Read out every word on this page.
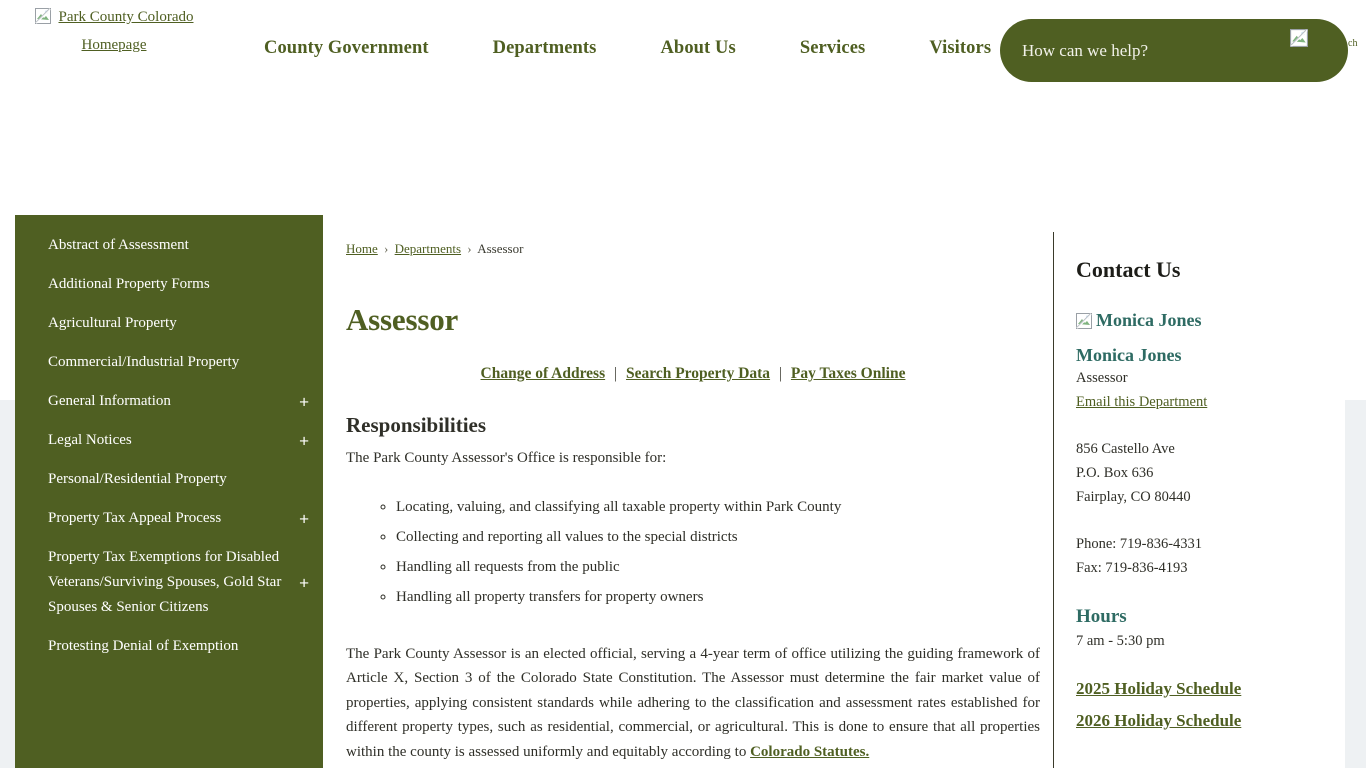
Park County Colorado Homepage	County Government	Departments	About Us	Services	Visitors
How can we help?	ch
Abstract of Assessment
Additional Property Forms
Agricultural Property
Commercial/Industrial Property
General Information	+
Legal Notices	+
Personal/Residential Property
Property Tax Appeal Process	+
Property Tax Exemptions for Disabled Veterans/Surviving Spouses, Gold Star Spouses & Senior Citizens
+
Protesting Denial of Exemption
Home › Departments › Assessor
Assessor
Change of Address | Search Property Data | Pay Taxes Online
Responsibilities

The Park County Assessor's Office is responsible for:

◦ Locating, valuing, and classifying all taxable property within Park County
◦ Collecting and reporting all values to the special districts
◦ Handling all requests from the public
◦ Handling all property transfers for property owners

The Park County Assessor is an elected official, serving a 4-year term of office utilizing the guiding framework of Article X, Section 3 of the Colorado State Constitution. The Assessor must determine the fair market value of properties, applying consistent standards while adhering to the classification and assessment rates established for different property types, such as residential, commercial, or agricultural. This is done to ensure that all properties within the county is assessed uniformly and equitably according to Colorado Statutes.

Contact Us
Monica Jones
Monica Jones
Assessor
Email this Department
856 Castello Ave
P.O. Box 636
Fairplay, CO 80440
Phone: 719-836-4331
Fax: 719-836-4193
Hours
7 am - 5:30 pm
2025 Holiday Schedule
2026 Holiday Schedule
